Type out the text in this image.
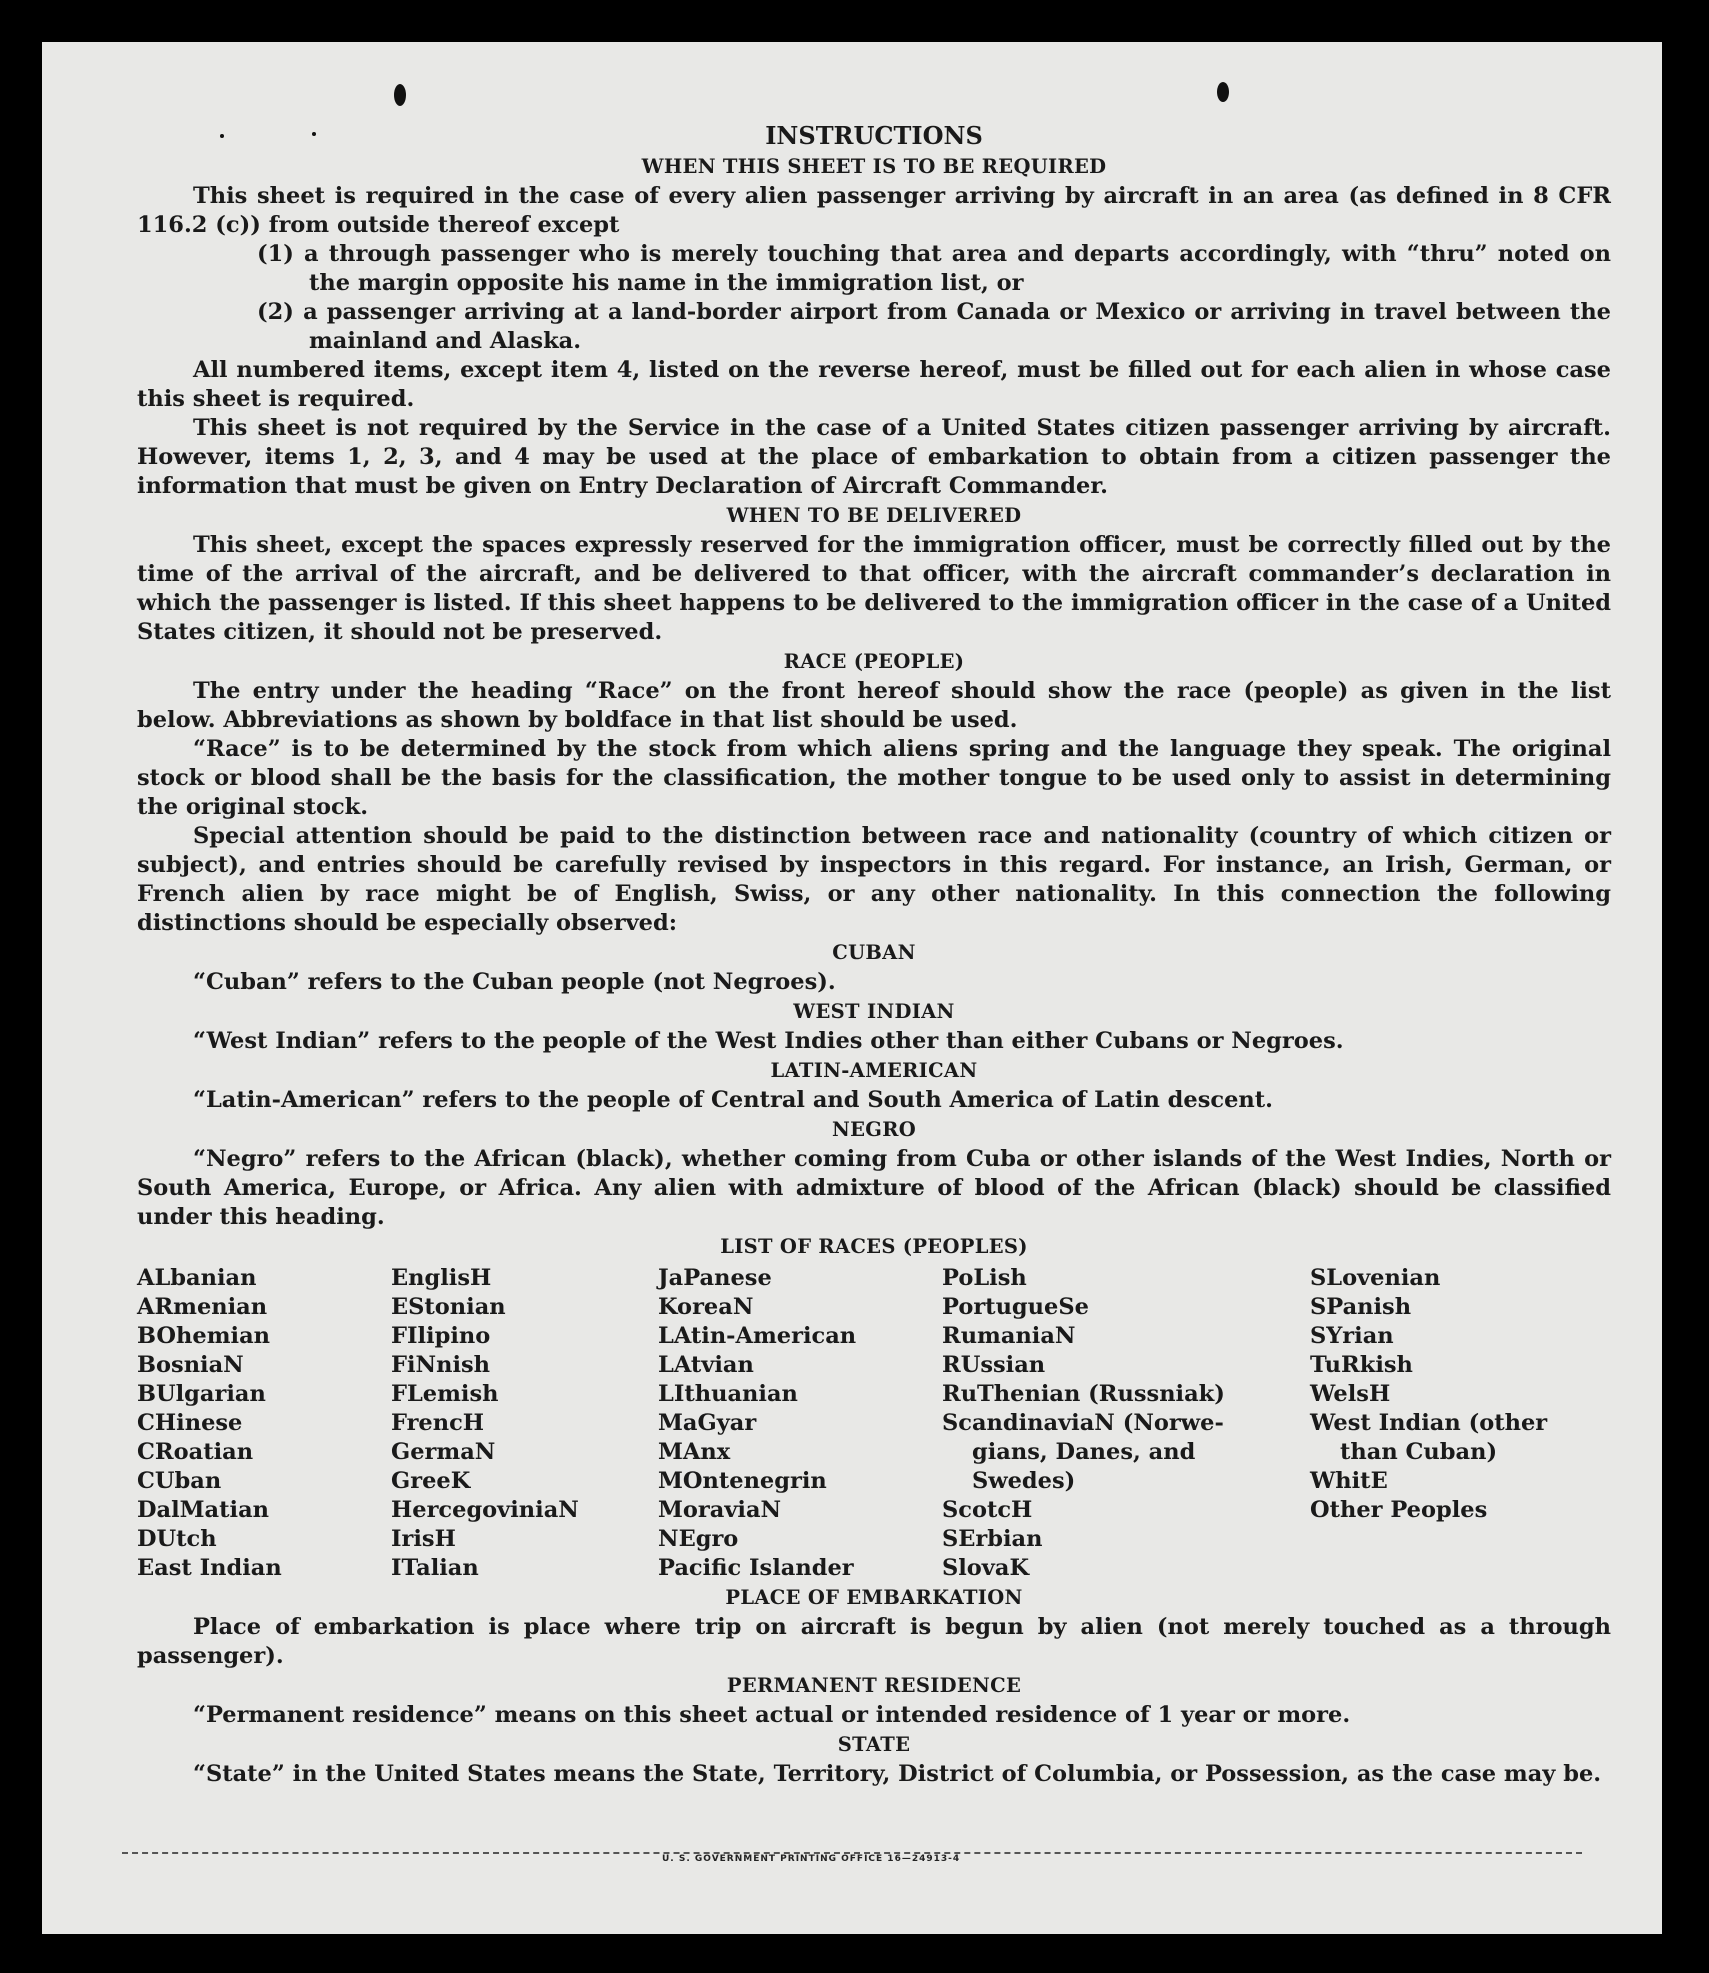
INSTRUCTIONS
WHEN THIS SHEET IS TO BE REQUIRED

This sheet is required in the case of every alien passenger arriving by aircraft in an area (as defined in 8 CFR 116.2 (c)) from outside thereof except

(1) a through passenger who is merely touching that area and departs accordingly, with “thru” noted on the margin opposite his name in the immigration list, or

(2) a passenger arriving at a land-border airport from Canada or Mexico or arriving in travel between the mainland and Alaska.

All numbered items, except item 4, listed on the reverse hereof, must be filled out for each alien in whose case this sheet is required.

This sheet is not required by the Service in the case of a United States citizen passenger arriving by aircraft. However, items 1, 2, 3, and 4 may be used at the place of embarkation to obtain from a citizen passenger the information that must be given on Entry Declaration of Aircraft Commander.

WHEN TO BE DELIVERED

This sheet, except the spaces expressly reserved for the immigration officer, must be correctly filled out by the time of the arrival of the aircraft, and be delivered to that officer, with the aircraft commander’s declaration in which the passenger is listed. If this sheet happens to be delivered to the immigration officer in the case of a United States citizen, it should not be preserved.

RACE (PEOPLE)

The entry under the heading “Race” on the front hereof should show the race (people) as given in the list below. Abbreviations as shown by boldface in that list should be used.

“Race” is to be determined by the stock from which aliens spring and the language they speak. The original stock or blood shall be the basis for the classification, the mother tongue to be used only to assist in determining the original stock.

Special attention should be paid to the distinction between race and nationality (country of which citizen or subject), and entries should be carefully revised by inspectors in this regard. For instance, an Irish, German, or French alien by race might be of English, Swiss, or any other nationality. In this connection the following distinctions should be especially observed:

CUBAN

“Cuban” refers to the Cuban people (not Negroes).

WEST INDIAN

“West Indian” refers to the people of the West Indies other than either Cubans or Negroes.

LATIN-AMERICAN

“Latin-American” refers to the people of Central and South America of Latin descent.

NEGRO

“Negro” refers to the African (black), whether coming from Cuba or other islands of the West Indies, North or South America, Europe, or Africa. Any alien with admixture of blood of the African (black) should be classified under this heading.

LIST OF RACES (PEOPLES)
ALbanian
ARmenian
BOhemian
BosniaN
BUlgarian
CHinese
CRoatian
CUban
DalMatian
DUtch
East Indian
EnglisH
EStonian
FIlipino
FiNnish
FLemish
FrencH
GermaN
GreeK
HercegoviniaN
IrisH
ITalian
JaPanese
KoreaN
LAtin-American
LAtvian
LIthuanian
MaGyar
MAnx
MOntenegrin
MoraviaN
NEgro
Pacific Islander
PoLish
PortugueSe
RumaniaN
RUssian
RuThenian (Russniak)
ScandinaviaN (Norwe-
gians, Danes, and
Swedes)
ScotcH
SErbian
SlovaK
SLovenian
SPanish
SYrian
TuRkish
WelsH
West Indian (other
than Cuban)
WhitE
Other Peoples
PLACE OF EMBARKATION

Place of embarkation is place where trip on aircraft is begun by alien (not merely touched as a through passenger).

PERMANENT RESIDENCE

“Permanent residence” means on this sheet actual or intended residence of 1 year or more.

STATE

“State” in the United States means the State, Territory, District of Columbia, or Possession, as the case may be.

U. S. GOVERNMENT PRINTING OFFICE 16—24913-4
